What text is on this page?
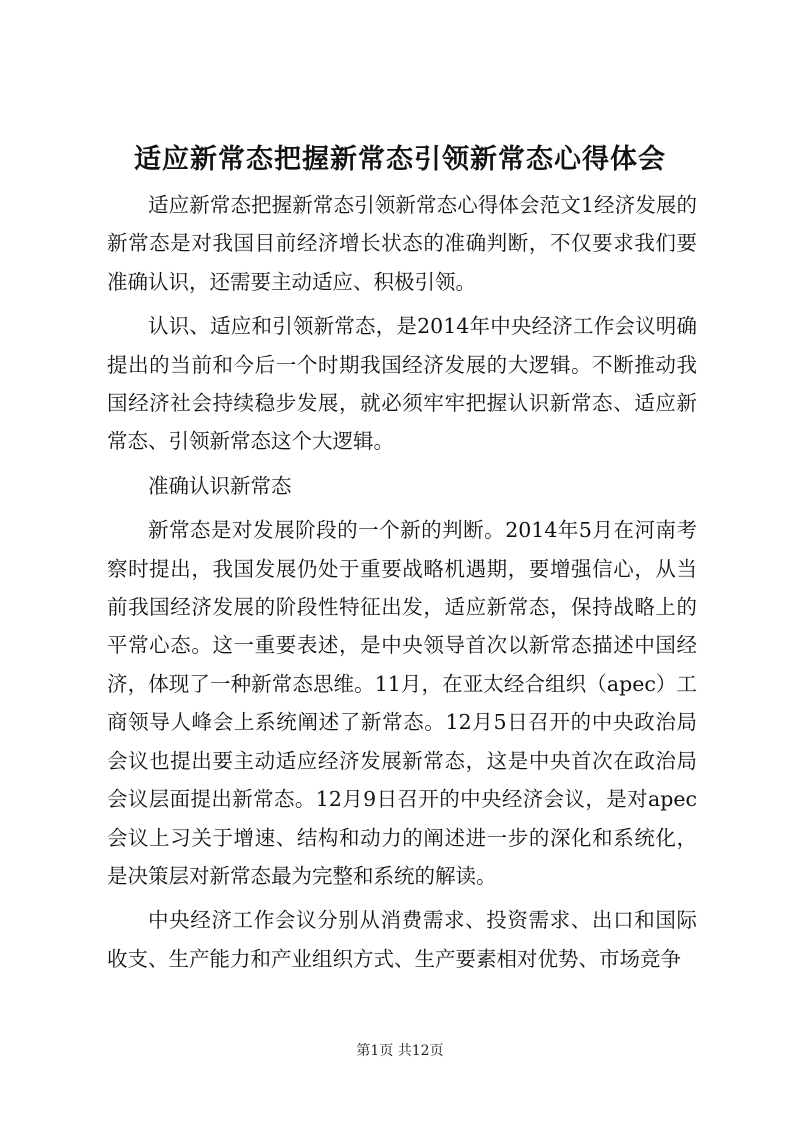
适应新常态把握新常态引领新常态心得体会

适应新常态把握新常态引领新常态心得体会范文1经济发展的新常态是对我国目前经济增长状态的准确判断，不仅要求我们要准确认识，还需要主动适应、积极引领。

认识、适应和引领新常态，是2014年中央经济工作会议明确提出的当前和今后一个时期我国经济发展的大逻辑。不断推动我国经济社会持续稳步发展，就必须牢牢把握认识新常态、适应新常态、引领新常态这个大逻辑。

准确认识新常态

新常态是对发展阶段的一个新的判断。2014年5月在河南考察时提出，我国发展仍处于重要战略机遇期，要增强信心，从当前我国经济发展的阶段性特征出发，适应新常态，保持战略上的平常心态。这一重要表述，是中央领导首次以新常态描述中国经济，体现了一种新常态思维。11月，在亚太经合组织（apec）工商领导人峰会上系统阐述了新常态。12月5日召开的中央政治局会议也提出要主动适应经济发展新常态，这是中央首次在政治局会议层面提出新常态。12月9日召开的中央经济会议，是对apec会议上习关于增速、结构和动力的阐述进一步的深化和系统化，是决策层对新常态最为完整和系统的解读。

中央经济工作会议分别从消费需求、投资需求、出口和国际收支、生产能力和产业组织方式、生产要素相对优势、市场竞争

第1页 共12页
